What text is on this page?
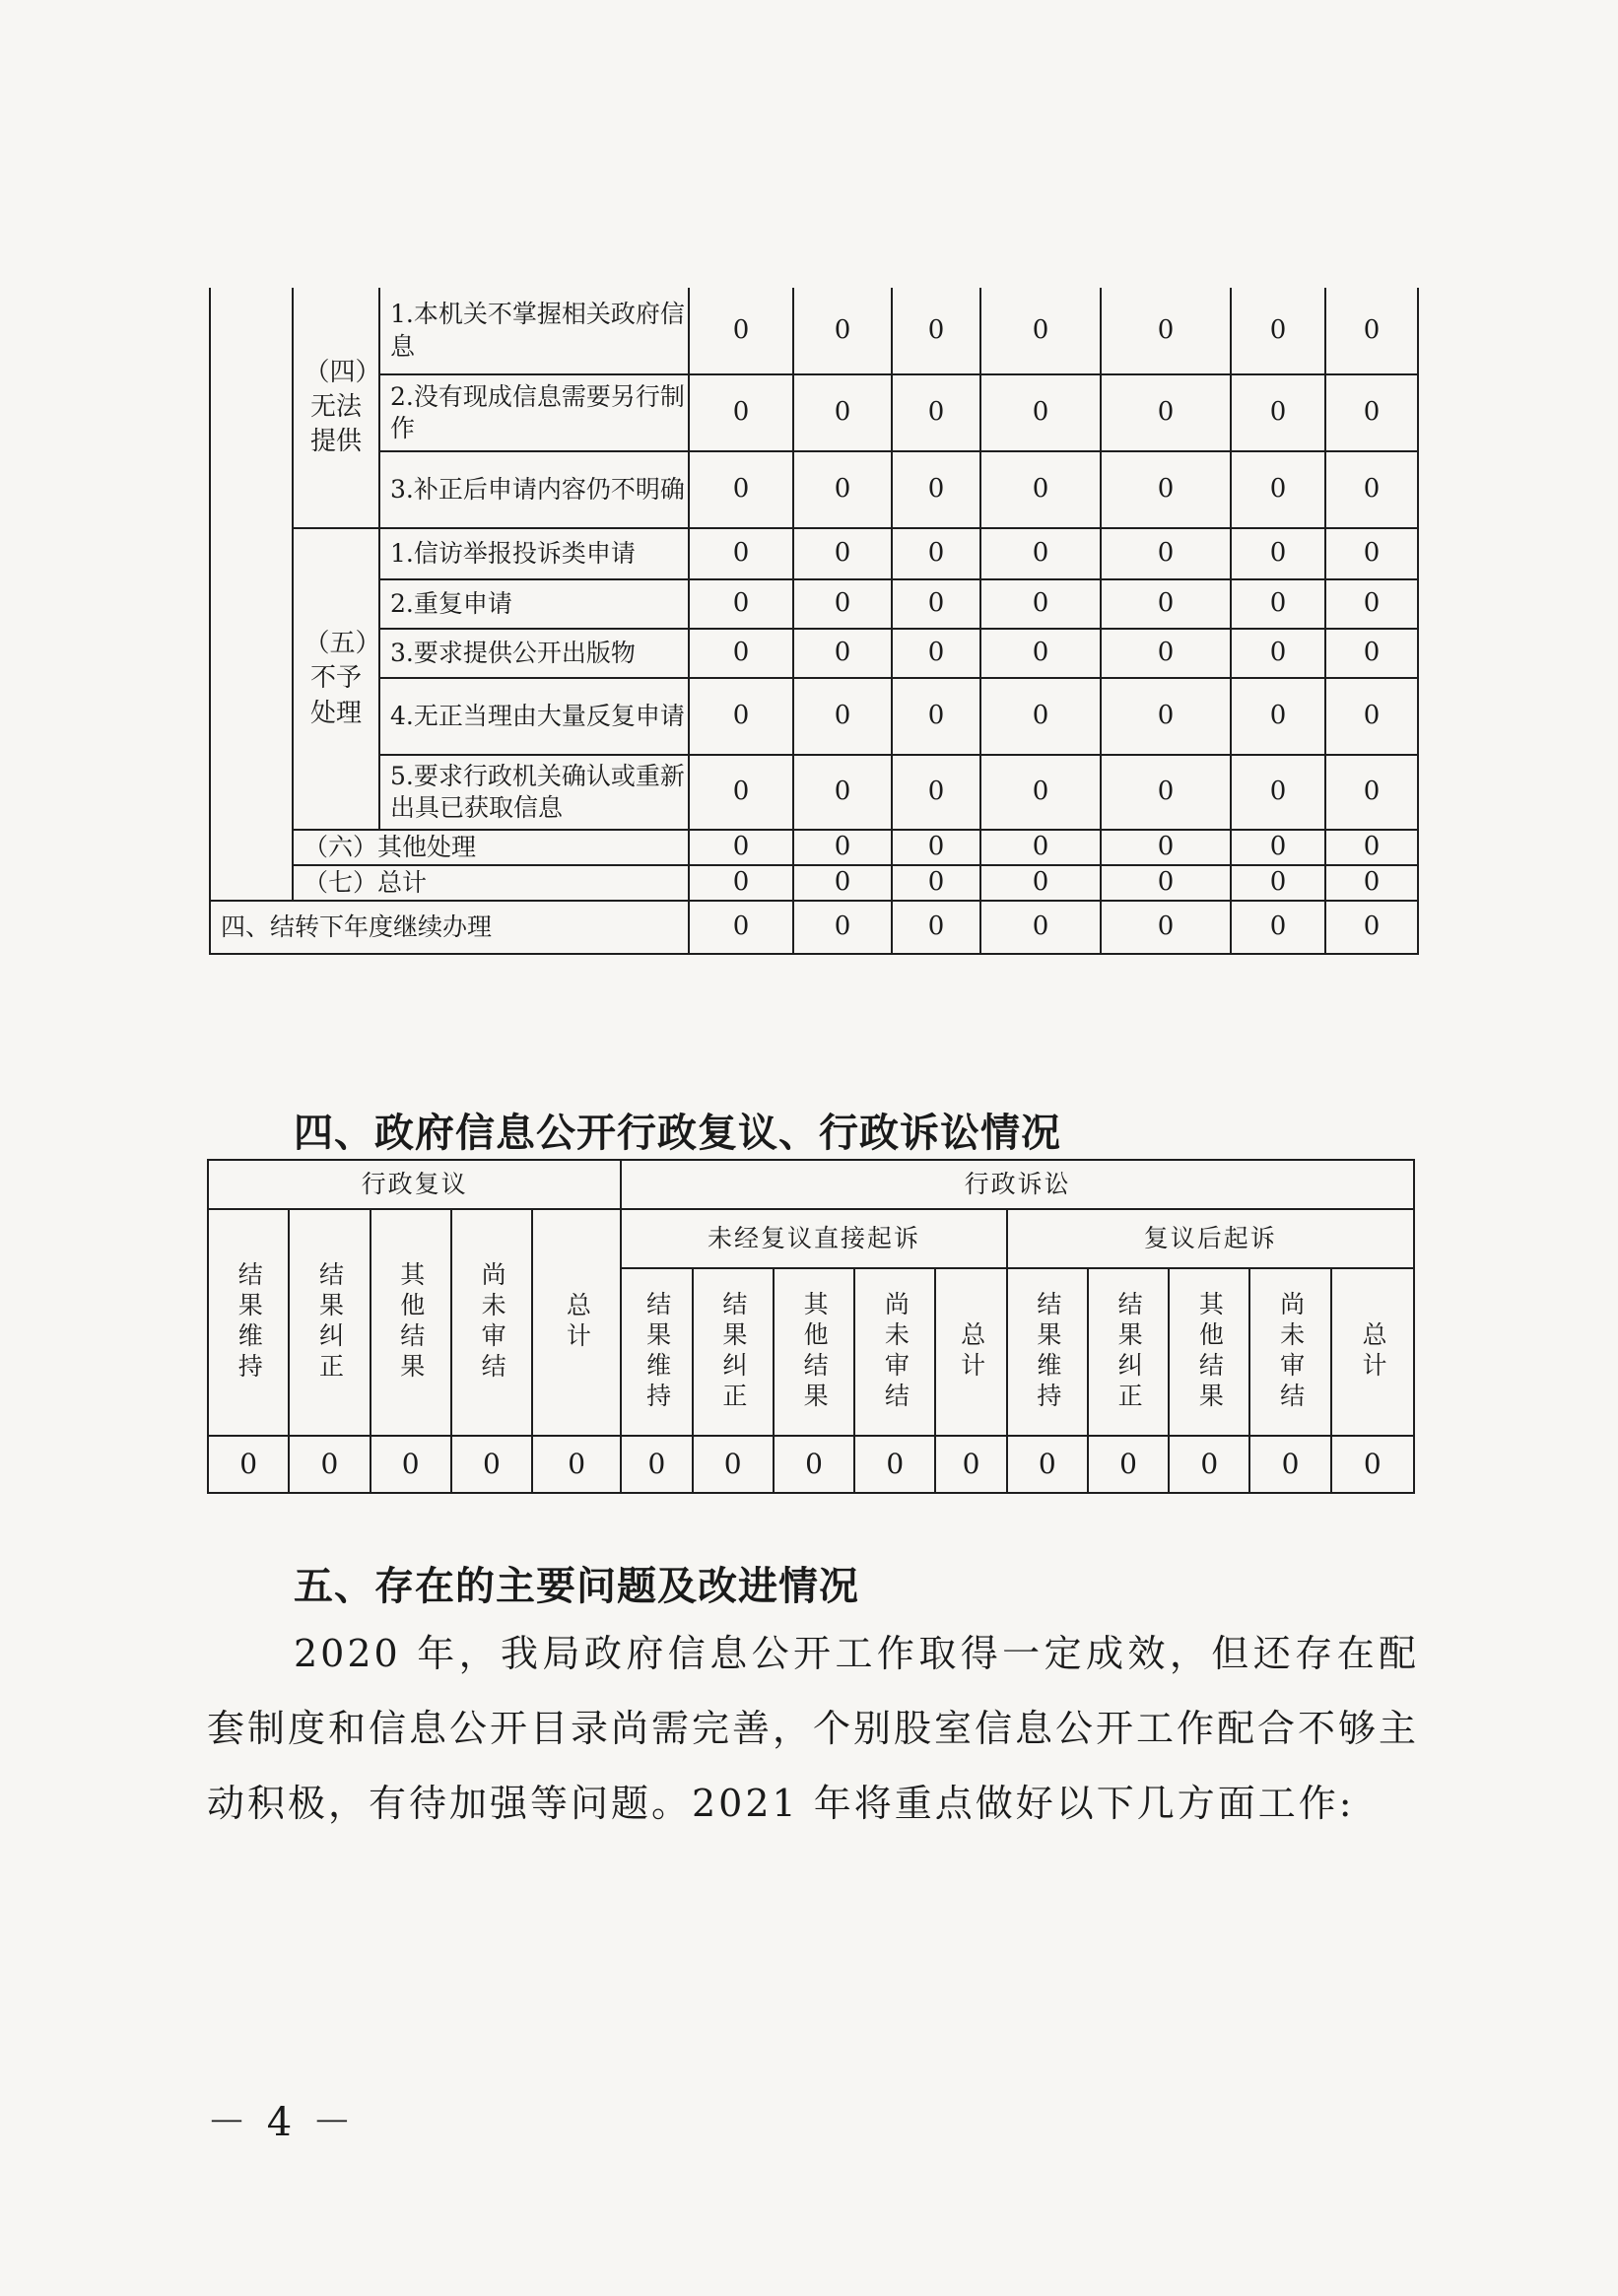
	（四）无法提供	1.本机关不掌握相关政府信息	0	0	0	0	0	0	0
		2.没有现成信息需要另行制作	0	0	0	0	0	0	0
		3.补正后申请内容仍不明确	0	0	0	0	0	0	0
	（五）不予处理	1.信访举报投诉类申请	0	0	0	0	0	0	0
		2.重复申请	0	0	0	0	0	0	0
		3.要求提供公开出版物	0	0	0	0	0	0	0
		4.无正当理由大量反复申请	0	0	0	0	0	0	0
		5.要求行政机关确认或重新出具已获取信息	0	0	0	0	0	0	0
	（六）其他处理		0	0	0	0	0	0	0
	（七）总计		0	0	0	0	0	0	0
四、结转下年度继续办理			0	0	0	0	0	0	0
四、政府信息公开行政复议、行政诉讼情况
行政复议					行政诉讼									
结果维持	结果纠正	其他结果	尚未审结	总计	未经复议直接起诉					复议后起诉				
					结果维持	结果纠正	其他结果	尚未审结	总计	结果维持	结果纠正	其他结果	尚未审结	总计
0	0	0	0	0	0	0	0	0	0	0	0	0	0	0
五、存在的主要问题及改进情况

2020 年，我局政府信息公开工作取得一定成效，但还存在配套制度和信息公开目录尚需完善，个别股室信息公开工作配合不够主动积极，有待加强等问题。2021 年将重点做好以下几方面工作:

－ 4 －
